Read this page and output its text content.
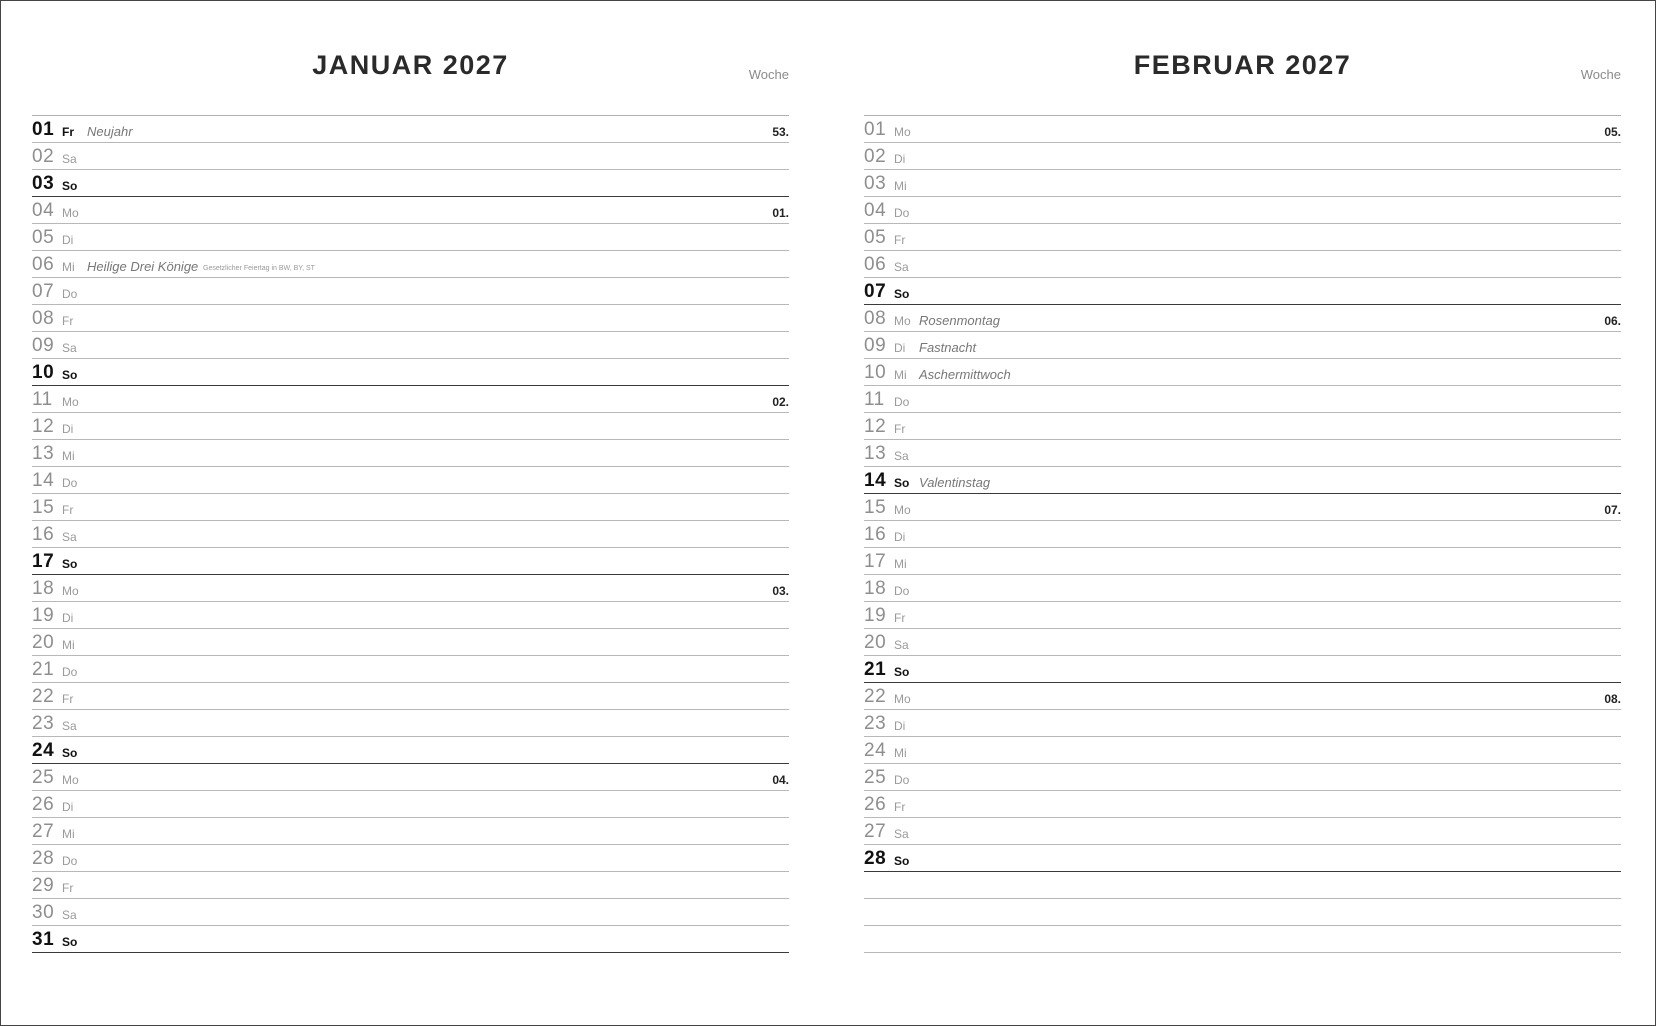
JANUAR 2027	Woche
01 Fr Neujahr	53.
02 Sa
03 So
04 Mo	01.
05 Di
06 Mi Heilige Drei Könige Gesetzlicher Feiertag in BW, BY, ST
07 Do
08 Fr
09 Sa
10 So
11 Mo	02.
12 Di
13 Mi
14 Do
15 Fr
16 Sa
17 So
18 Mo	03.
19 Di
20 Mi
21 Do
22 Fr
23 Sa
24 So
25 Mo	04.
26 Di
27 Mi
28 Do
29 Fr
30 Sa
31 So
FEBRUAR 2027	Woche
01 Mo	05.
02 Di
03 Mi
04 Do
05 Fr
06 Sa
07 So
08 Mo Rosenmontag	06.
09 Di Fastnacht
10 Mi Aschermittwoch
11 Do
12 Fr
13 Sa
14 So Valentinstag
15 Mo	07.
16 Di
17 Mi
18 Do
19 Fr
20 Sa
21 So
22 Mo	08.
23 Di
24 Mi
25 Do
26 Fr
27 Sa
28 So
